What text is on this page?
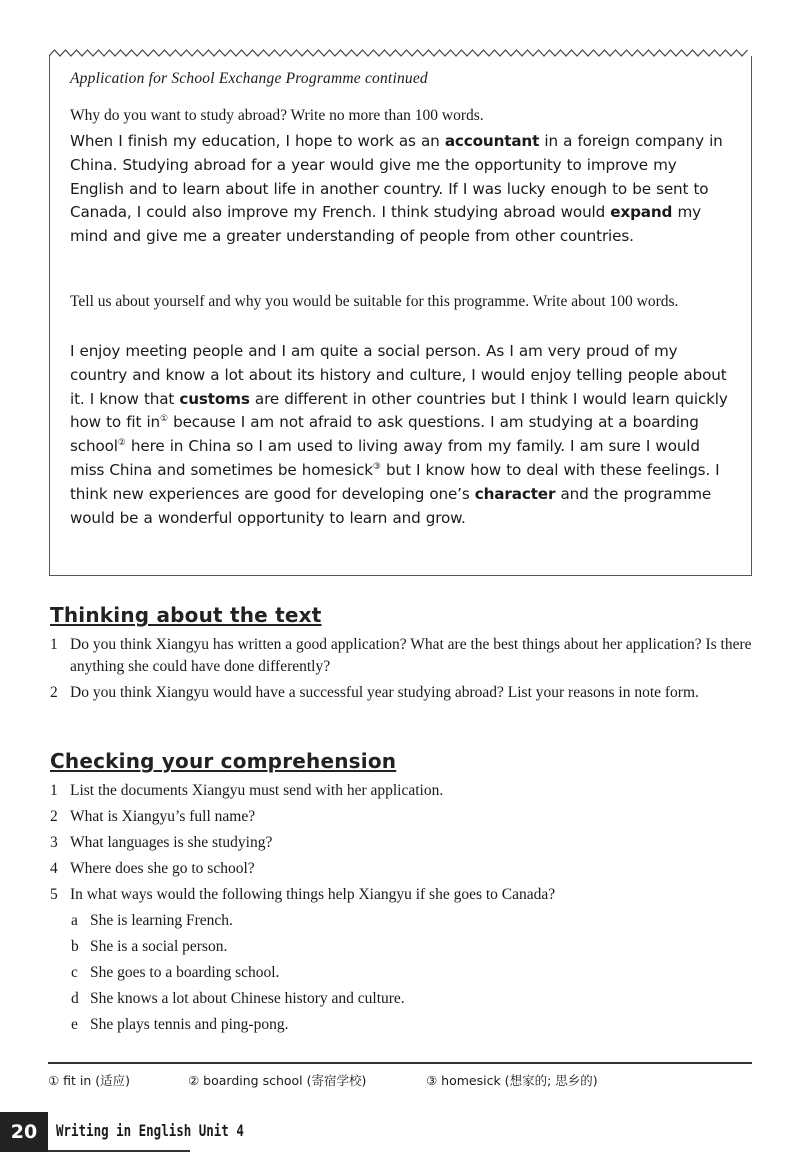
Application for School Exchange Programme continued
Why do you want to study abroad? Write no more than 100 words.
When I finish my education, I hope to work as an accountant in a foreign company in China. Studying abroad for a year would give me the opportunity to improve my English and to learn about life in another country. If I was lucky enough to be sent to Canada, I could also improve my French. I think studying abroad would expand my mind and give me a greater understanding of people from other countries.
Tell us about yourself and why you would be suitable for this programme. Write about 100 words.
I enjoy meeting people and I am quite a social person. As I am very proud of my country and know a lot about its history and culture, I would enjoy telling people about it. I know that customs are different in other countries but I think I would learn quickly how to fit in① because I am not afraid to ask questions. I am studying at a boarding school② here in China so I am used to living away from my family. I am sure I would miss China and sometimes be homesick③ but I know how to deal with these feelings. I think new experiences are good for developing one’s character and the programme would be a wonderful opportunity to learn and grow.
Thinking about the text
1 Do you think Xiangyu has written a good application? What are the best things about her application? Is there anything she could have done differently?
2 Do you think Xiangyu would have a successful year studying abroad? List your reasons in note form.
Checking your comprehension
1 List the documents Xiangyu must send with her application.
2 What is Xiangyu’s full name?
3 What languages is she studying?
4 Where does she go to school?
5 In what ways would the following things help Xiangyu if she goes to Canada?
a She is learning French.
b She is a social person.
c She goes to a boarding school.
d She knows a lot about Chinese history and culture.
e She plays tennis and ping-pong.
① fit in (适应)	② boarding school (寄宿学校)	③ homesick (想家的; 思乡的)
20	Writing in English Unit 4
